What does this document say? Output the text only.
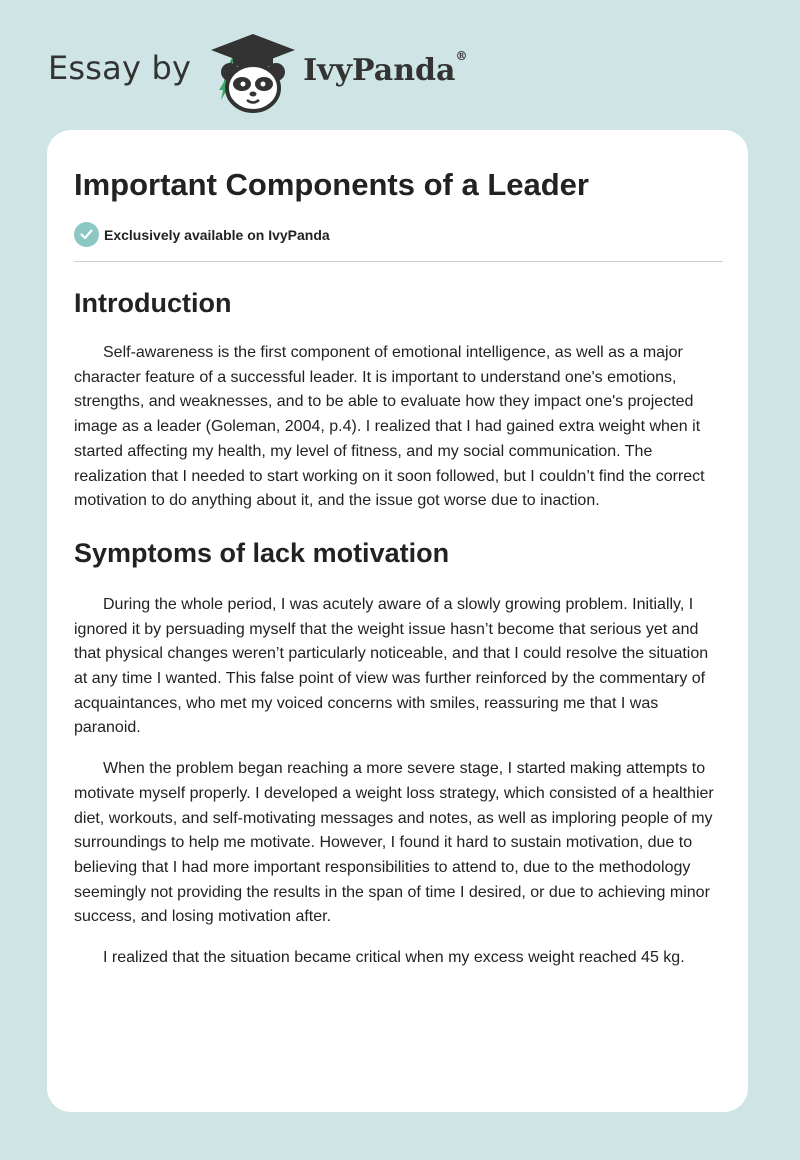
Essay by	IvyPanda®
Important Components of a Leader
Exclusively available on IvyPanda
Introduction

Self-awareness is the first component of emotional intelligence, as well as a major character feature of a successful leader. It is important to understand one's emotions, strengths, and weaknesses, and to be able to evaluate how they impact one's projected image as a leader (Goleman, 2004, p.4). I realized that I had gained extra weight when it started affecting my health, my level of fitness, and my social communication. The realization that I needed to start working on it soon followed, but I couldn’t find the correct motivation to do anything about it, and the issue got worse due to inaction.

Symptoms of lack motivation

During the whole period, I was acutely aware of a slowly growing problem. Initially, I ignored it by persuading myself that the weight issue hasn’t become that serious yet and that physical changes weren’t particularly noticeable, and that I could resolve the situation at any time I wanted. This false point of view was further reinforced by the commentary of acquaintances, who met my voiced concerns with smiles, reassuring me that I was paranoid.

When the problem began reaching a more severe stage, I started making attempts to motivate myself properly. I developed a weight loss strategy, which consisted of a healthier diet, workouts, and self-motivating messages and notes, as well as imploring people of my surroundings to help me motivate. However, I found it hard to sustain motivation, due to believing that I had more important responsibilities to attend to, due to the methodology seemingly not providing the results in the span of time I desired, or due to achieving minor success, and losing motivation after.

I realized that the situation became critical when my excess weight reached 45 kg.
